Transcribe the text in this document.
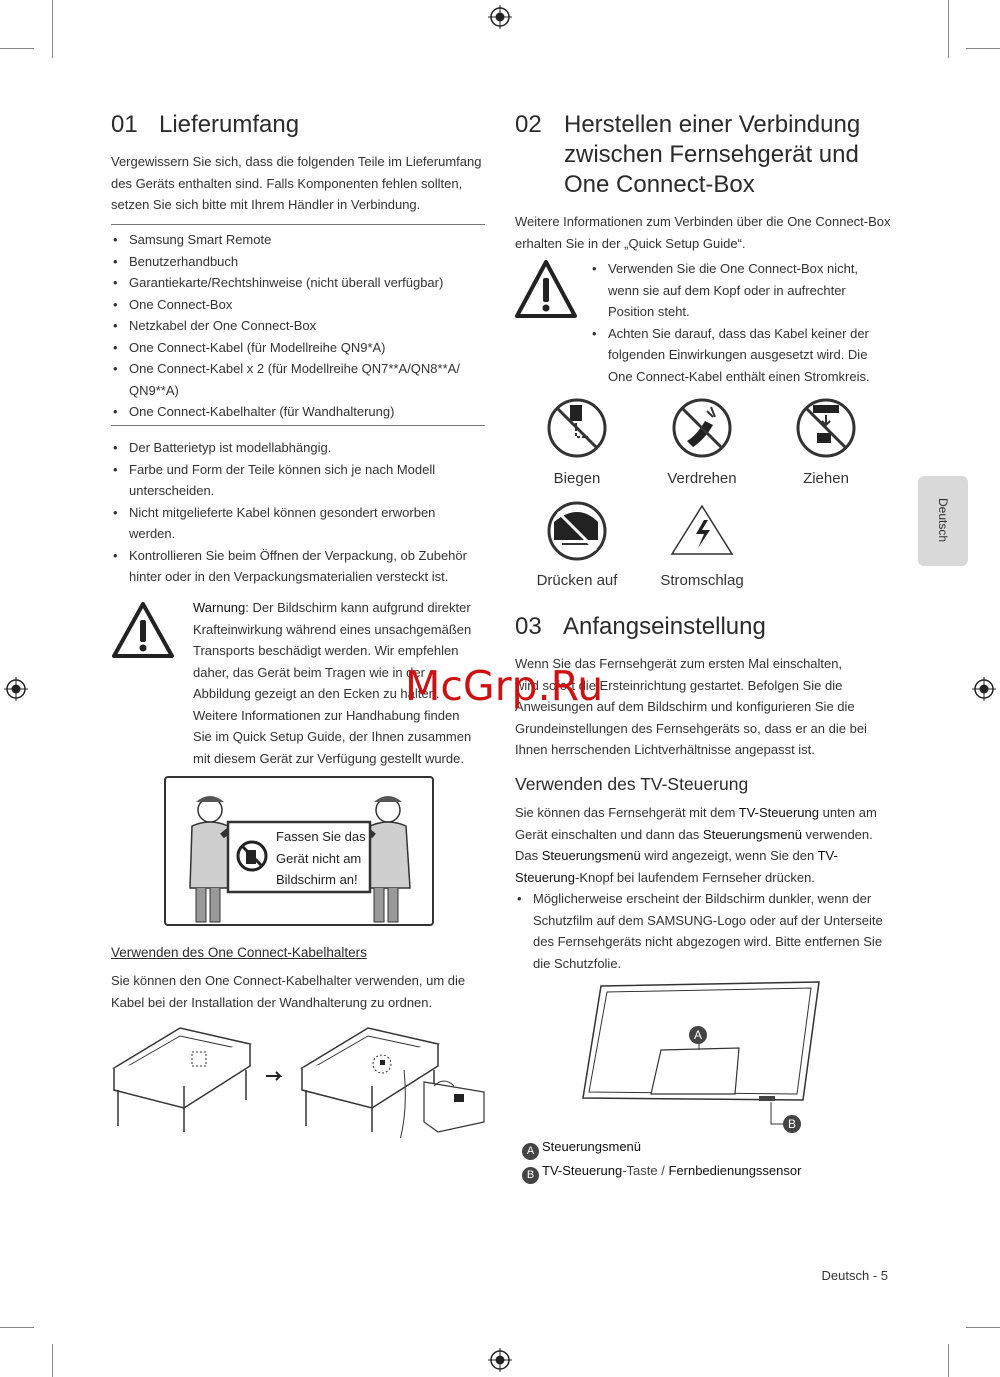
01 Lieferumfang
Vergewissern Sie sich, dass die folgenden Teile im Lieferumfang
des Geräts enthalten sind. Falls Komponenten fehlen sollten,
setzen Sie sich bitte mit Ihrem Händler in Verbindung.
• Samsung Smart Remote
• Benutzerhandbuch
• Garantiekarte/Rechtshinweise (nicht überall verfügbar)
• One Connect-Box
• Netzkabel der One Connect-Box
• One Connect-Kabel (für Modellreihe QN9*A)
• One Connect-Kabel x 2 (für Modellreihe QN7**A/QN8**A/
QN9**A)
• One Connect-Kabelhalter (für Wandhalterung)
• Der Batterietyp ist modellabhängig.
• Farbe und Form der Teile können sich je nach Modell
unterscheiden.
• Nicht mitgelieferte Kabel können gesondert erworben
werden.
• Kontrollieren Sie beim Öffnen der Verpackung, ob Zubehör
hinter oder in den Verpackungsmaterialien versteckt ist.
Warnung: Der Bildschirm kann aufgrund direkter
Krafteinwirkung während eines unsachgemäßen
Transports beschädigt werden. Wir empfehlen
daher, das Gerät beim Tragen wie in der
Abbildung gezeigt an den Ecken zu halten.
Weitere Informationen zur Handhabung finden
Sie im Quick Setup Guide, der Ihnen zusammen
mit diesem Gerät zur Verfügung gestellt wurde.
Fassen Sie das
Gerät nicht am
Bildschirm an!
Verwenden des One Connect-Kabelhalters
Sie können den One Connect-Kabelhalter verwenden, um die
Kabel bei der Installation der Wandhalterung zu ordnen.
02 Herstellen einer Verbindung
zwischen Fernsehgerät und
One Connect-Box
Weitere Informationen zum Verbinden über die One Connect-Box
erhalten Sie in der „Quick Setup Guide“.
• Verwenden Sie die One Connect-Box nicht,
wenn sie auf dem Kopf oder in aufrechter
Position steht.
• Achten Sie darauf, dass das Kabel keiner der
folgenden Einwirkungen ausgesetzt wird. Die
One Connect-Kabel enthält einen Stromkreis.
Biegen	Verdrehen	Ziehen
Drücken auf	Stromschlag
03 Anfangseinstellung
Wenn Sie das Fernsehgerät zum ersten Mal einschalten,
wird sofort die Ersteinrichtung gestartet. Befolgen Sie die
Anweisungen auf dem Bildschirm und konfigurieren Sie die
Grundeinstellungen des Fernsehgeräts so, dass er an die bei
Ihnen herrschenden Lichtverhältnisse angepasst ist.
Verwenden des TV-Steuerung
Sie können das Fernsehgerät mit dem TV-Steuerung unten am
Gerät einschalten und dann das Steuerungsmenü verwenden.
Das Steuerungsmenü wird angezeigt, wenn Sie den TV-
Steuerung-Knopf bei laufendem Fernseher drücken.
• Möglicherweise erscheint der Bildschirm dunkler, wenn der
Schutzfilm auf dem SAMSUNG-Logo oder auf der Unterseite
des Fernsehgeräts nicht abgezogen wird. Bitte entfernen Sie
die Schutzfolie.
A
B
A Steuerungsmenü
B TV-Steuerung-Taste / Fernbedienungssensor
Deutsch
McGrp.Ru
Deutsch - 5
